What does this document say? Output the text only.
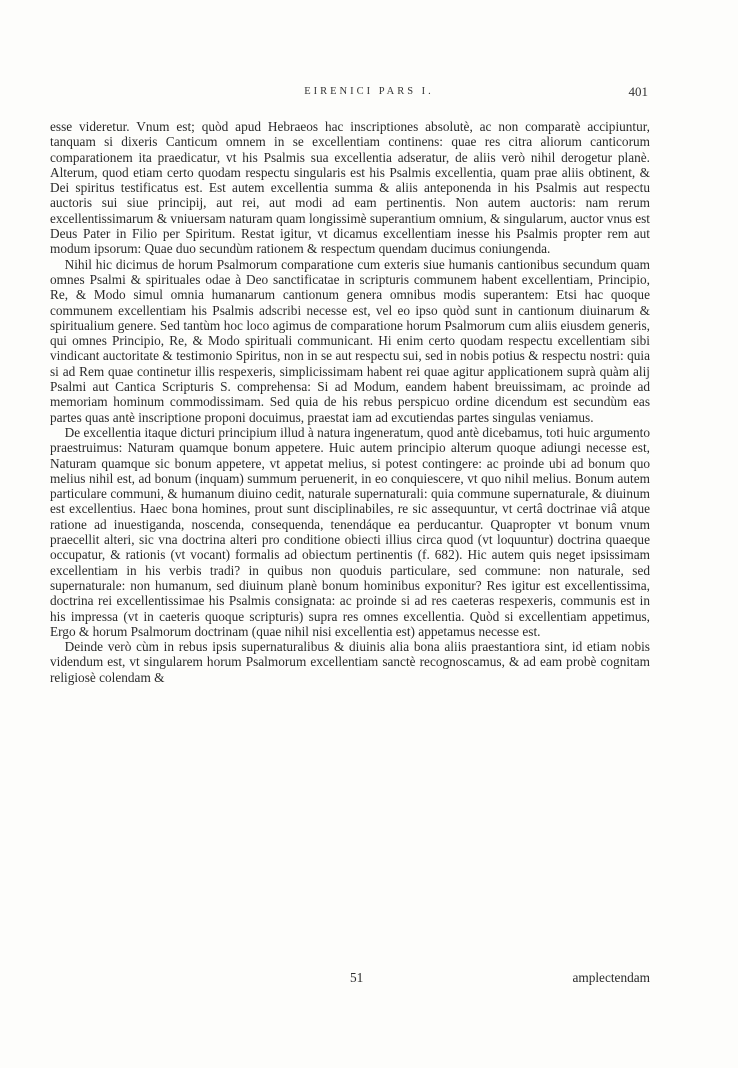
EIRENICI PARS I.	401

esse videretur. Vnum est; quòd apud Hebraeos hac inscriptiones absolutè, ac non comparatè accipiuntur, tanquam si dixeris Canticum omnem in se excellentiam continens: quae res citra aliorum canticorum comparationem ita praedicatur, vt his Psalmis sua excellentia adseratur, de aliis verò nihil derogetur planè. Alterum, quod etiam certo quodam respectu singularis est his Psalmis excellentia, quam prae aliis obtinent, & Dei spiritus testificatus est. Est autem excellentia summa & aliis anteponenda in his Psalmis aut respectu auctoris sui siue principij, aut rei, aut modi ad eam pertinentis. Non autem auctoris: nam rerum excellentissimarum & vniuersam naturam quam longissimè superantium omnium, & singularum, auctor vnus est Deus Pater in Filio per Spiritum. Restat igitur, vt dicamus excellentiam inesse his Psalmis propter rem aut modum ipsorum: Quae duo secundùm rationem & respectum quendam ducimus coniungenda.

Nihil hic dicimus de horum Psalmorum comparatione cum exteris siue humanis cantionibus secundum quam omnes Psalmi & spirituales odae à Deo sanctificatae in scripturis communem habent excellentiam, Principio, Re, & Modo simul omnia humanarum cantionum genera omnibus modis superantem: Etsi hac quoque communem excellentiam his Psalmis adscribi necesse est, vel eo ipso quòd sunt in cantionum diuinarum & spiritualium genere. Sed tantùm hoc loco agimus de comparatione horum Psalmorum cum aliis eiusdem generis, qui omnes Principio, Re, & Modo spirituali communicant. Hi enim certo quodam respectu excellentiam sibi vindicant auctoritate & testimonio Spiritus, non in se aut respectu sui, sed in nobis potius & respectu nostri: quia si ad Rem quae continetur illis respexeris, simplicissimam habent rei quae agitur applicationem suprà quàm alij Psalmi aut Cantica Scripturis S. comprehensa: Si ad Modum, eandem habent breuissimam, ac proinde ad memoriam hominum commodissimam. Sed quia de his rebus perspicuo ordine dicendum est secundùm eas partes quas antè inscriptione proponi docuimus, praestat iam ad excutiendas partes singulas veniamus.

De excellentia itaque dicturi principium illud à natura ingeneratum, quod antè dicebamus, toti huic argumento praestruimus: Naturam quamque bonum appetere. Huic autem principio alterum quoque adiungi necesse est, Naturam quamque sic bonum appetere, vt appetat melius, si potest contingere: ac proinde ubi ad bonum quo melius nihil est, ad bonum (inquam) summum peruenerit, in eo conquiescere, vt quo nihil melius. Bonum autem particulare communi, & humanum diuino cedit, naturale supernaturali: quia commune supernaturale, & diuinum est excellentius. Haec bona homines, prout sunt disciplinabiles, re sic assequuntur, vt certâ doctrinae viâ atque ratione ad inuestiganda, noscenda, consequenda, tenendáque ea perducantur. Quapropter vt bonum vnum praecellit alteri, sic vna doctrina alteri pro conditione obiecti illius circa quod (vt loquuntur) doctrina quaeque occupatur, & rationis (vt vocant) formalis ad obiectum pertinentis (f. 682). Hic autem quis neget ipsissimam excellentiam in his verbis tradi? in quibus non quoduis particulare, sed commune: non naturale, sed supernaturale: non humanum, sed diuinum planè bonum hominibus exponitur? Res igitur est excellentissima, doctrina rei excellentissimae his Psalmis consignata: ac proinde si ad res caeteras respexeris, communis est in his impressa (vt in caeteris quoque scripturis) supra res omnes excellentia. Quòd si excellentiam appetimus, Ergo & horum Psalmorum doctrinam (quae nihil nisi excellentia est) appetamus necesse est.

Deinde verò cùm in rebus ipsis supernaturalibus & diuinis alia bona aliis praestantiora sint, id etiam nobis videndum est, vt singularem horum Psalmorum excellentiam sanctè recognoscamus, & ad eam probè cognitam religiosè colendam &

51	amplectendam
